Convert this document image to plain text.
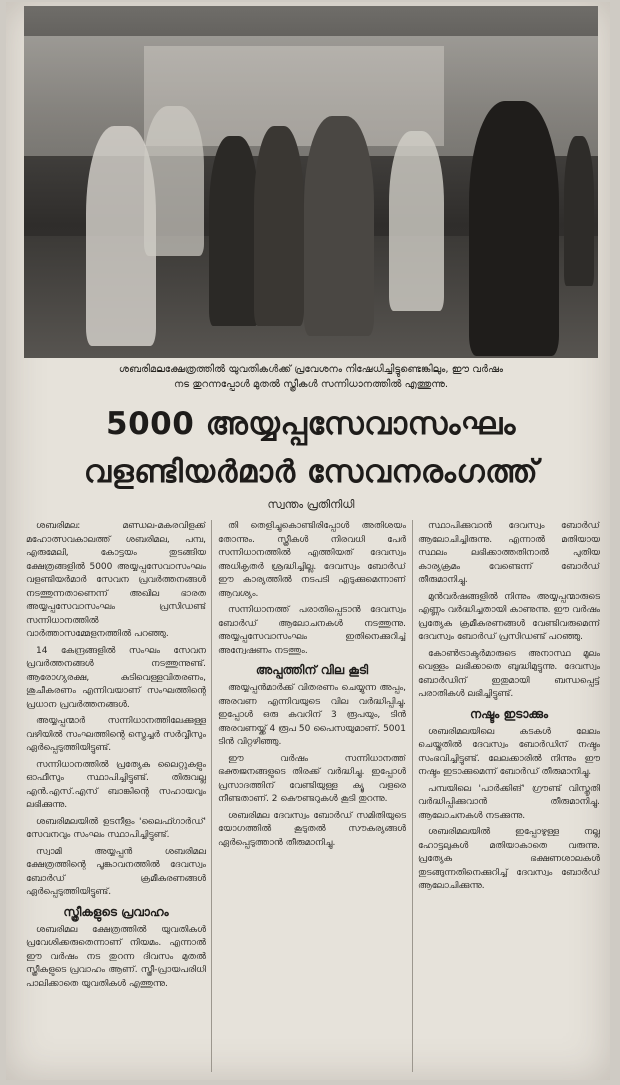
ശബരിമലക്ഷേത്രത്തിൽ യുവതികൾക്ക് പ്രവേശനം നിഷേധിച്ചിട്ടുണ്ടെങ്കിലും, ഈ വർഷം
നട തുറന്നപ്പോൾ മുതൽ സ്ത്രീകൾ സന്നിധാനത്തിൽ എത്തുന്നു.
5000 അയ്യപ്പസേവാസംഘം
വളണ്ടിയർമാർ സേവനരംഗത്ത്
സ്വന്തം പ്രതിനിധി

ശബരിമല: മണ്ഡല-മകരവിളക്ക് മഹോത്സവകാലത്ത് ശബരിമല, പമ്പ, എരുമേലി, കോട്ടയം തുടങ്ങിയ ക്ഷേത്രങ്ങളിൽ 5000 അയ്യപ്പസേവാസംഘം വളണ്ടിയർമാർ സേവന പ്രവർത്തനങ്ങൾ നടത്തുന്നതാണെന്ന് അഖില ഭാരത അയ്യപ്പസേവാസംഘം പ്രസിഡണ്ട് സന്നിധാനത്തിൽ വാർത്താസമ്മേളനത്തിൽ പറഞ്ഞു.

14 കേന്ദ്രങ്ങളിൽ സംഘം സേവന പ്രവർത്തനങ്ങൾ നടത്തുന്നുണ്ട്. ആരോഗ്യരക്ഷ, കുടിവെള്ളവിതരണം, ശുചീകരണം എന്നിവയാണ് സംഘത്തിന്റെ പ്രധാന പ്രവർത്തനങ്ങൾ.

അയ്യപ്പന്മാർ സന്നിധാനത്തിലേക്കുള്ള വഴിയിൽ സംഘത്തിന്റെ സ്ട്രെച്ചർ സർവ്വീസും ഏർപ്പെടുത്തിയിട്ടുണ്ട്.

സന്നിധാനത്തിൽ പ്രത്യേക ലൈറ്റുകളും ഓഫീസും സ്ഥാപിച്ചിട്ടുണ്ട്. തിരുവല്ല എൻ.എസ്.എസ് ബാങ്കിന്റെ സഹായവും ലഭിക്കുന്നു.

ശബരിമലയിൽ ഉടനീളം 'ലൈഫ്ഗാർഡ്' സേവനവും സംഘം സ്ഥാപിച്ചിട്ടുണ്ട്.

സ്വാമി അയ്യപ്പൻ ശബരിമല ക്ഷേത്രത്തിന്റെ പൂങ്കാവനത്തിൽ ദേവസ്വം ബോർഡ് ക്രമീകരണങ്ങൾ ഏർപ്പെടുത്തിയിട്ടുണ്ട്.

സ്ത്രീകളുടെ പ്രവാഹം

ശബരിമല ക്ഷേത്രത്തിൽ യുവതികൾ പ്രവേശിക്കരുതെന്നാണ് നിയമം. എന്നാൽ ഈ വർഷം നട തുറന്ന ദിവസം മുതൽ സ്ത്രീകളുടെ പ്രവാഹം ആണ്. സ്ത്രീ-പ്രായപരിധി പാലിക്കാതെ യുവതികൾ എത്തുന്നു.

തി തെളിച്ചുകൊണ്ടിരിപ്പോൾ അതിശയം തോന്നും. സ്ത്രീകൾ നിരവധി പേർ സന്നിധാനത്തിൽ എത്തിയത് ദേവസ്വം അധികൃതർ ശ്രദ്ധിച്ചില്ല. ദേവസ്വം ബോർഡ് ഈ കാര്യത്തിൽ നടപടി എടുക്കുമെന്നാണ് ആവശ്യം.

സന്നിധാനത്ത് പരാതിപ്പെടാൻ ദേവസ്വം ബോർഡ് ആലോചനകൾ നടത്തുന്നു. അയ്യപ്പസേവാസംഘം ഇതിനെക്കുറിച്ച് അന്വേഷണം നടത്തും.

അപ്പത്തിന് വില കൂടി

അയ്യപ്പൻമാർക്ക് വിതരണം ചെയ്യുന്ന അപ്പം, അരവണ എന്നിവയുടെ വില വർദ്ധിപ്പിച്ചു. ഇപ്പോൾ ഒരു കവറിന് 3 രൂപയും, ടിൻ അരവണയ്ക്ക് 4 രൂപ 50 പൈസയുമാണ്. 5001 ടിൻ വിറ്റഴിഞ്ഞു.

ഈ വർഷം സന്നിധാനത്ത് ഭക്തജനങ്ങളുടെ തിരക്ക് വർദ്ധിച്ചു. ഇപ്പോൾ പ്രസാദത്തിന് വേണ്ടിയുള്ള ക്യൂ വളരെ നീണ്ടതാണ്. 2 കൌണ്ടറുകൾ കൂടി തുറന്നു.

ശബരിമല ദേവസ്വം ബോർഡ് സമിതിയുടെ യോഗത്തിൽ കൂടുതൽ സൗകര്യങ്ങൾ ഏർപ്പെടുത്താൻ തീരുമാനിച്ചു.

സ്ഥാപിക്കുവാൻ ദേവസ്വം ബോർഡ് ആലോചിച്ചിരുന്നു. എന്നാൽ മതിയായ സ്ഥലം ലഭിക്കാത്തതിനാൽ പുതിയ കാര്യക്രമം വേണ്ടെന്ന് ബോർഡ് തീരുമാനിച്ചു.

മുൻവർഷങ്ങളിൽ നിന്നും അയ്യപ്പന്മാരുടെ എണ്ണം വർദ്ധിച്ചതായി കാണുന്നു. ഈ വർഷം പ്രത്യേക ക്രമീകരണങ്ങൾ വേണ്ടിവരുമെന്ന് ദേവസ്വം ബോർഡ് പ്രസിഡണ്ട് പറഞ്ഞു.

കോൺട്രാക്ടർമാരുടെ അനാസ്ഥ മൂലം വെള്ളം ലഭിക്കാതെ ബുദ്ധിമുട്ടുന്നു. ദേവസ്വം ബോർഡിന് ഇതുമായി ബന്ധപ്പെട്ട് പരാതികൾ ലഭിച്ചിട്ടുണ്ട്.

നഷ്ടം ഇടാക്കും

ശബരിമലയിലെ കടകൾ ലേലം ചെയ്തതിൽ ദേവസ്വം ബോർഡിന് നഷ്ടം സംഭവിച്ചിട്ടുണ്ട്. ലേലക്കാരിൽ നിന്നും ഈ നഷ്ടം ഇടാക്കുമെന്ന് ബോർഡ് തീരുമാനിച്ചു.

പമ്പയിലെ 'പാർക്കിങ്' ഗ്രൗണ്ട് വിസ്തൃതി വർദ്ധിപ്പിക്കുവാൻ തീരുമാനിച്ചു. ആലോചനകൾ നടക്കുന്നു.

ശബരിമലയിൽ ഇപ്പോഴുള്ള നല്ല ഹോട്ടലുകൾ മതിയാകാതെ വരുന്നു. പ്രത്യേക ഭക്ഷണശാലകൾ തുടങ്ങുന്നതിനെക്കുറിച്ച് ദേവസ്വം ബോർഡ് ആലോചിക്കുന്നു.
